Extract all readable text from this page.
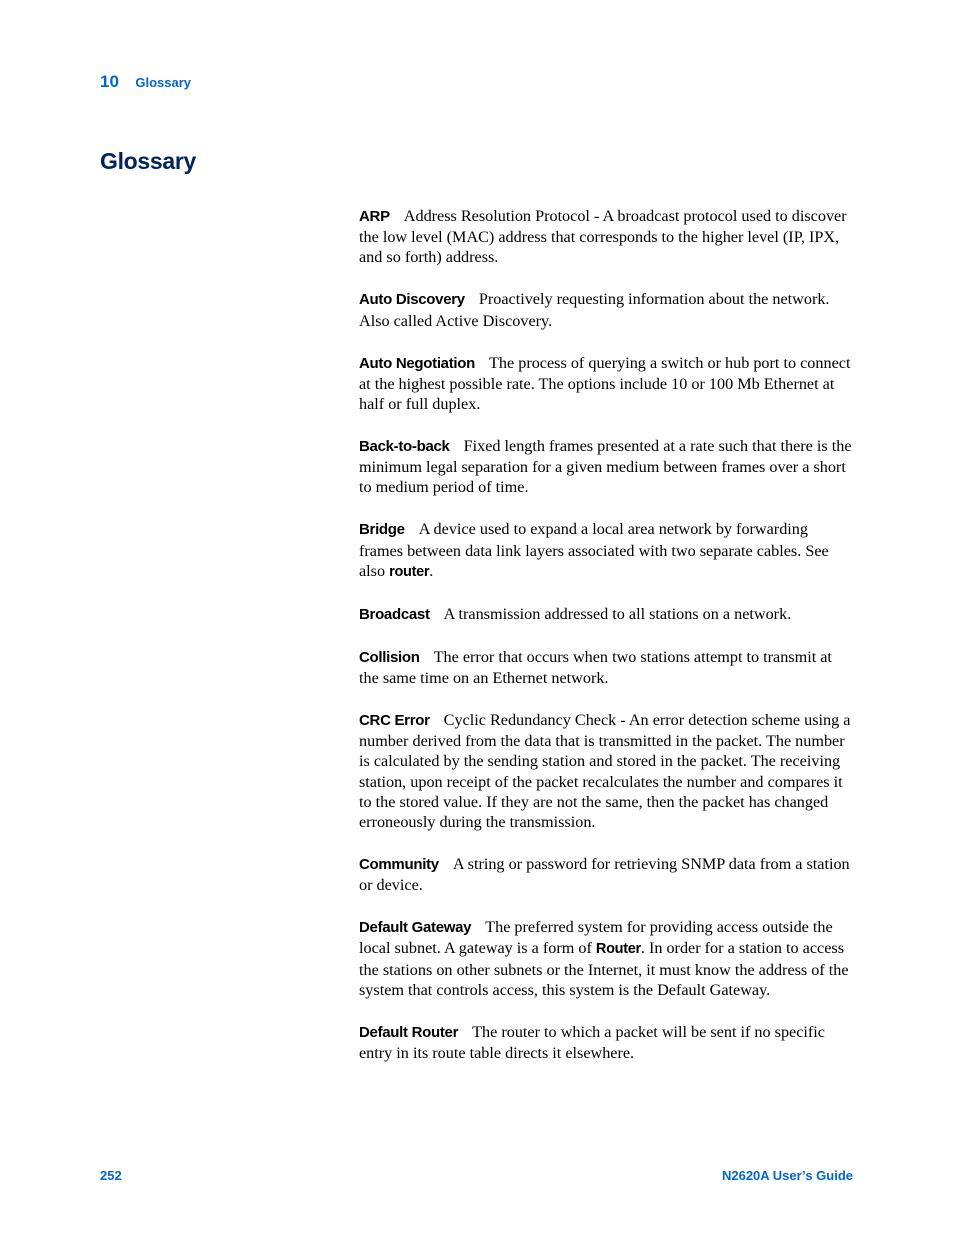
10 Glossary
Glossary

ARP Address Resolution Protocol - A broadcast protocol used to discover the low level (MAC) address that corresponds to the higher level (IP, IPX, and so forth) address.

Auto Discovery Proactively requesting information about the network. Also called Active Discovery.

Auto Negotiation The process of querying a switch or hub port to connect at the highest possible rate. The options include 10 or 100 Mb Ethernet at half or full duplex.

Back-to-back Fixed length frames presented at a rate such that there is the minimum legal separation for a given medium between frames over a short to medium period of time.

Bridge A device used to expand a local area network by forwarding frames between data link layers associated with two separate cables. See also router.

Broadcast A transmission addressed to all stations on a network.

Collision The error that occurs when two stations attempt to transmit at the same time on an Ethernet network.

CRC Error Cyclic Redundancy Check - An error detection scheme using a number derived from the data that is transmitted in the packet. The number is calculated by the sending station and stored in the packet. The receiving station, upon receipt of the packet recalculates the number and compares it to the stored value. If they are not the same, then the packet has changed erroneously during the transmission.

Community A string or password for retrieving SNMP data from a station or device.

Default Gateway The preferred system for providing access outside the local subnet. A gateway is a form of Router. In order for a station to access the stations on other subnets or the Internet, it must know the address of the system that controls access, this system is the Default Gateway.

Default Router The router to which a packet will be sent if no specific entry in its route table directs it elsewhere.

252	N2620A User’s Guide
